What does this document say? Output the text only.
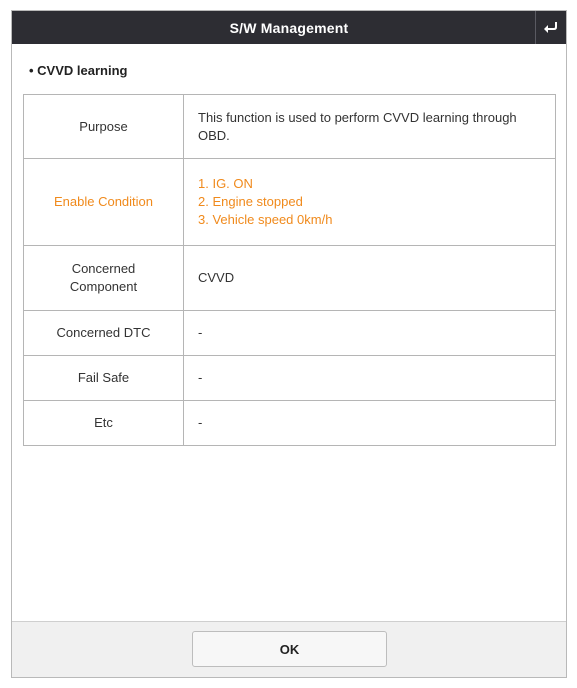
S/W Management
• CVVD learning
Purpose	This function is used to perform CVVD learning through OBD.
Enable Condition	1. IG. ON
2. Engine stopped
3. Vehicle speed 0km/h

Concerned
Component	CVVD
Concerned DTC	-
Fail Safe	-
Etc	-
OK
